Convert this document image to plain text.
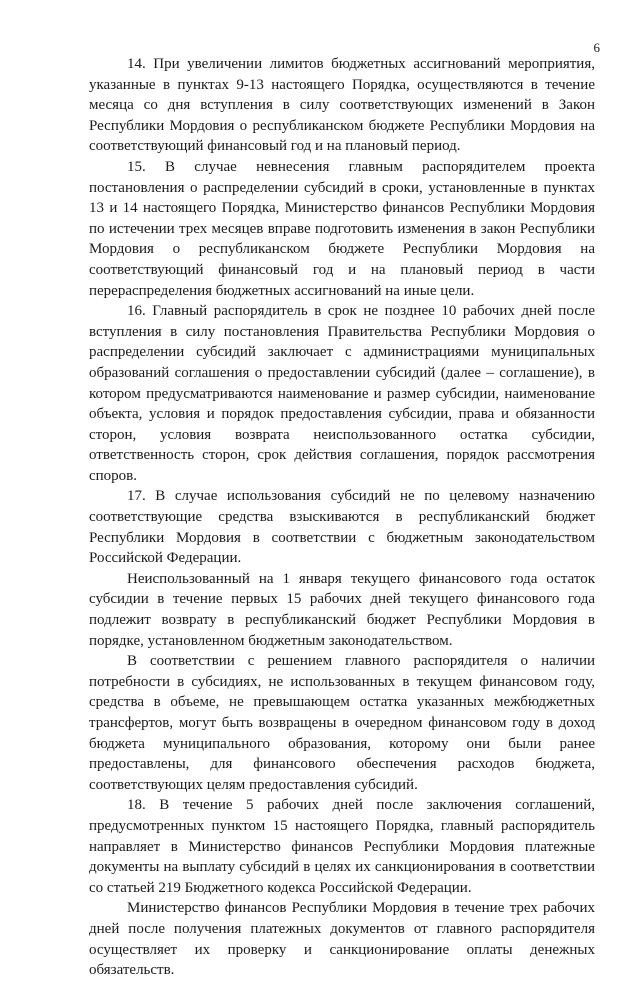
6

14. При увеличении лимитов бюджетных ассигнований мероприятия, указанные в пунктах 9-13 настоящего Порядка, осуществляются в течение месяца со дня вступления в силу соответствующих изменений в Закон Республики Мордовия о республиканском бюджете Республики Мордовия на соответствующий финансовый год и на плановый период.

15. В случае невнесения главным распорядителем проекта постановления о распределении субсидий в сроки, установленные в пунктах 13 и 14 настоящего Порядка, Министерство финансов Республики Мордовия по истечении трех месяцев вправе подготовить изменения в закон Республики Мордовия о республиканском бюджете Республики Мордовия на соответствующий финансовый год и на плановый период в части перераспределения бюджетных ассигнований на иные цели.

16. Главный распорядитель в срок не позднее 10 рабочих дней после вступления в силу постановления Правительства Республики Мордовия о распределении субсидий заключает с администрациями муниципальных образований соглашения о предоставлении субсидий (далее – соглашение), в котором предусматриваются наименование и размер субсидии, наименование объекта, условия и порядок предоставления субсидии, права и обязанности сторон, условия возврата неиспользованного остатка субсидии, ответственность сторон, срок действия соглашения, порядок рассмотрения споров.

17. В случае использования субсидий не по целевому назначению соответствующие средства взыскиваются в республиканский бюджет Республики Мордовия в соответствии с бюджетным законодательством Российской Федерации.

Неиспользованный на 1 января текущего финансового года остаток субсидии в течение первых 15 рабочих дней текущего финансового года подлежит возврату в республиканский бюджет Республики Мордовия в порядке, установленном бюджетным законодательством.

В соответствии с решением главного распорядителя о наличии потребности в субсидиях, не использованных в текущем финансовом году, средства в объеме, не превышающем остатка указанных межбюджетных трансфертов, могут быть возвращены в очередном финансовом году в доход бюджета муниципального образования, которому они были ранее предоставлены, для финансового обеспечения расходов бюджета, соответствующих целям предоставления субсидий.

18. В течение 5 рабочих дней после заключения соглашений, предусмотренных пунктом 15 настоящего Порядка, главный распорядитель направляет в Министерство финансов Республики Мордовия платежные документы на выплату субсидий в целях их санкционирования в соответствии со статьей 219 Бюджетного кодекса Российской Федерации.

Министерство финансов Республики Мордовия в течение трех рабочих дней после получения платежных документов от главного распорядителя осуществляет их проверку и санкционирование оплаты денежных обязательств.
